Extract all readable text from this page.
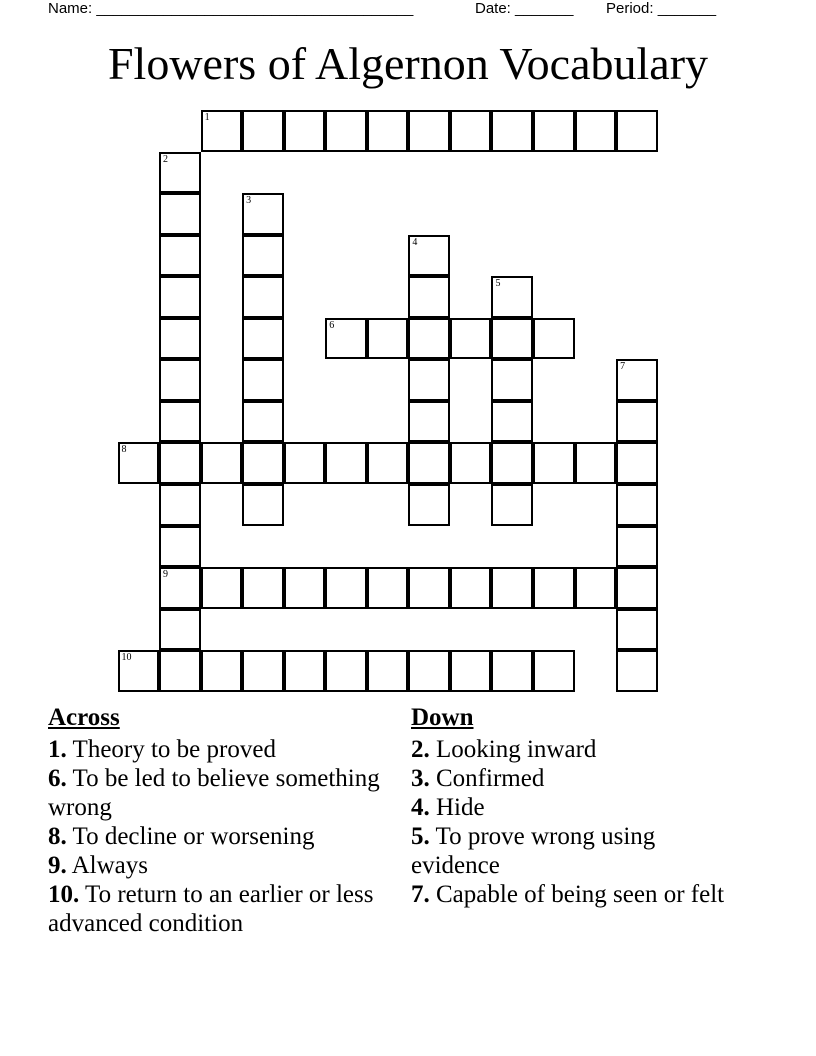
Name: ______________________________________

	Date: _______

Period: _______

Flowers of Algernon Vocabulary
1
2
3
4
5
6
7
8
9
10
Across
1. Theory to be proved
6. To be led to believe something wrong
8. To decline or worsening
9. Always
10. To return to an earlier or less advanced condition
Down
2. Looking inward
3. Confirmed
4. Hide
5. To prove wrong using evidence
7. Capable of being seen or felt
